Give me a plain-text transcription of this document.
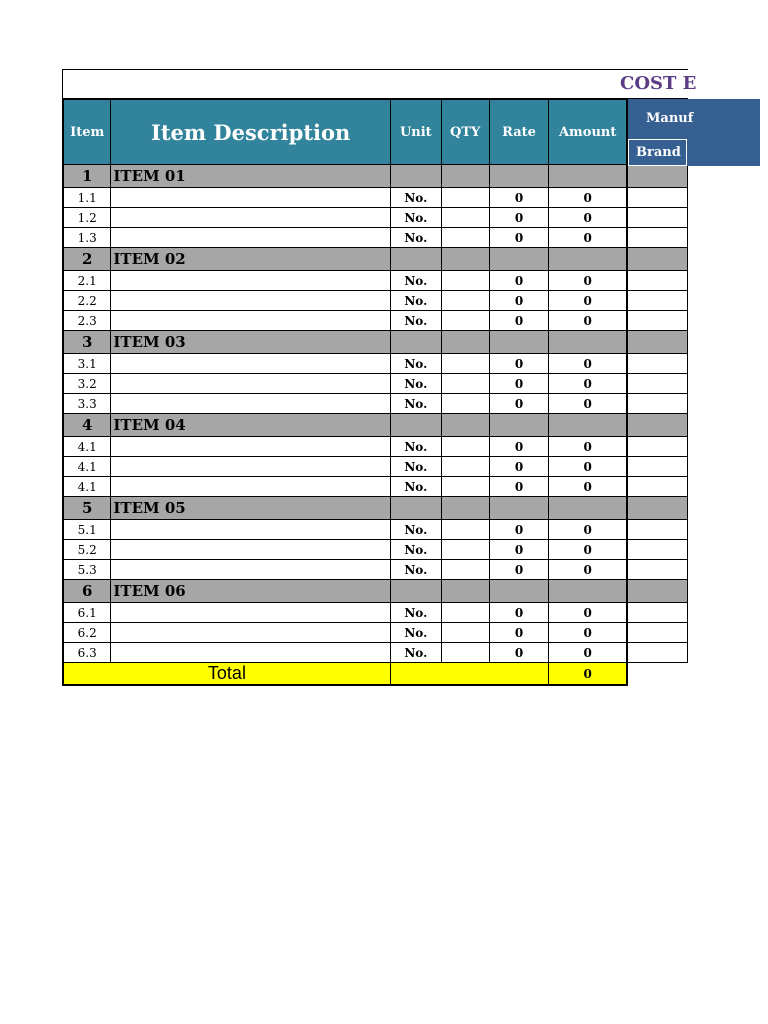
COST E
Item	Item Description	Unit	QTY	Rate	Amount	
1	ITEM 01					
1.1		No.		0	0	
1.2		No.		0	0	
1.3		No.		0	0	
2	ITEM 02					
2.1		No.		0	0	
2.2		No.		0	0	
2.3		No.		0	0	
3	ITEM 03					
3.1		No.		0	0	
3.2		No.		0	0	
3.3		No.		0	0	
4	ITEM 04					
4.1		No.		0	0	
4.1		No.		0	0	
4.1		No.		0	0	
5	ITEM 05					
5.1		No.		0	0	
5.2		No.		0	0	
5.3		No.		0	0	
6	ITEM 06					
6.1		No.		0	0	
6.2		No.		0	0	
6.3		No.		0	0	
Total					0	
Manuf
Brand
